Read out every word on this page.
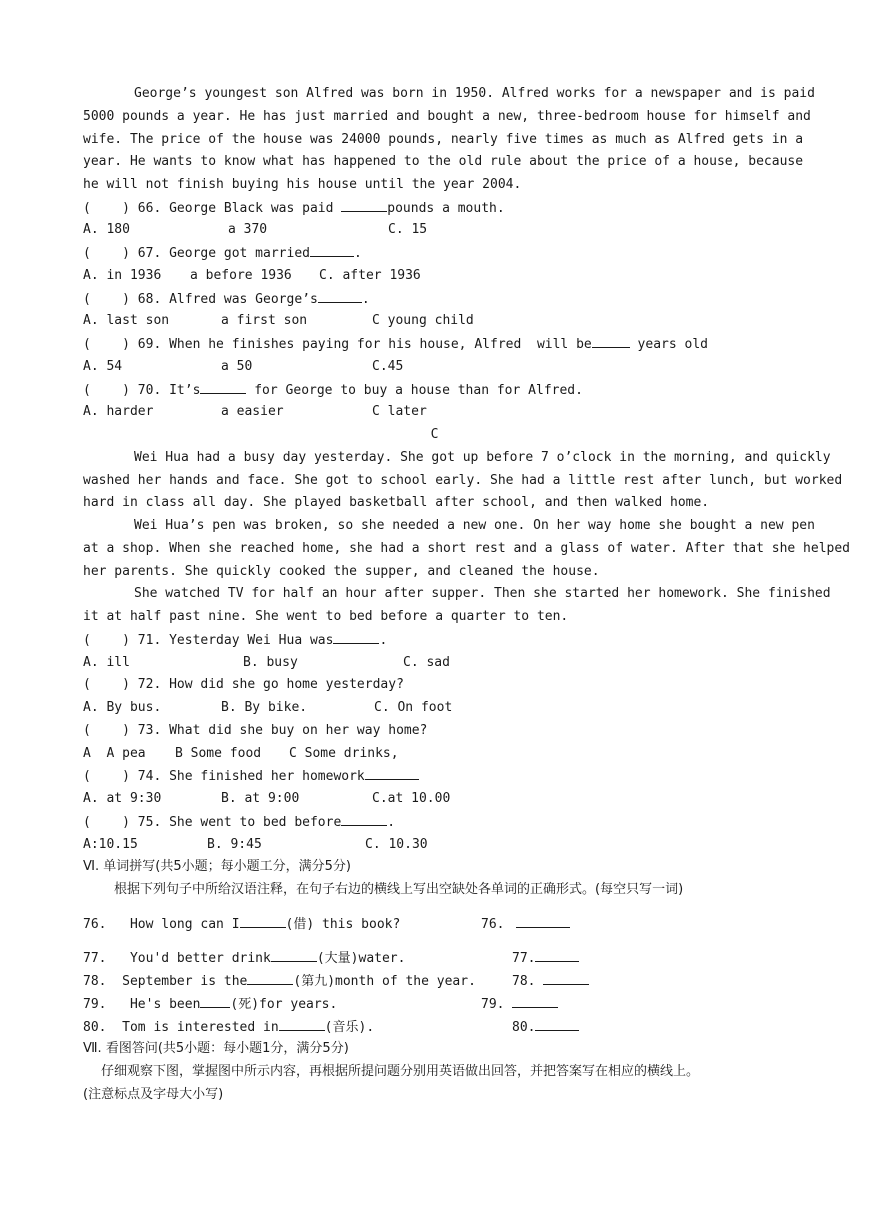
George’s youngest son Alfred was born in 1950. Alfred works for a newspaper and is paid
5000 pounds a year. He has just married and bought a new, three-bedroom house for himself and
wife. The price of the house was 24000 pounds, nearly five times as much as Alfred gets in a
year. He wants to know what has happened to the old rule about the price of a house, because
he will not finish buying his house until the year 2004.
(    ) 66. George Black was paid	pounds a mouth.
A. 180	a 370	C. 15
(    ) 67. George got married	.
A. in 1936 a before 1936 C. after 1936
(    ) 68. Alfred was George’s	.
A. last son	a first son	C young child
(    ) 69. When he finishes paying for his house, Alfred  will be	years old
A. 54	a 50	C.45
(    ) 70. It’s	for George to buy a house than for Alfred.
A. harder	a easier	C later
C
Wei Hua had a busy day yesterday. She got up before 7 o’clock in the morning, and quickly
washed her hands and face. She got to school early. She had a little rest after lunch, but worked
hard in class all day. She played basketball after school, and then walked home.
Wei Hua’s pen was broken, so she needed a new one. On her way home she bought a new pen
at a shop. When she reached home, she had a short rest and a glass of water. After that she helped
her parents. She quickly cooked the supper, and cleaned the house.
She watched TV for half an hour after supper. Then she started her homework. She finished
it at half past nine. She went to bed before a quarter to ten.
(    ) 71. Yesterday Wei Hua was	.
A. ill	B. busy	C. sad
(    ) 72. How did she go home yesterday?
A. By bus.	B. By bike.	C. On foot
(    ) 73. What did she buy on her way home?
A  A pea B Some food C Some drinks,
(    ) 74. She finished her homework
A. at 9:30	B. at 9:00	C.at 10.00
(    ) 75. She went to bed before	.
A:10.15	B. 9:45	C. 10.30
Ⅵ. 单词拼写(共5小题；每小题工分，满分5分)
根据下列句子中所给汉语注释，在句子右边的横线上写出空缺处各单词的正确形式。(每空只写一词)
76.   How long can I	(借) this book?	76.
77.   You'd better drink	(大量)water.	77.
78.  September is the	(第九)month of the year.	78.
79.   He's been (死)for years.	79.
80.  Tom is interested in	(音乐).	80.
Ⅶ. 看图答问(共5小题：每小题1分，满分5分)
仔细观察下图，掌握图中所示内容，再根据所提问题分别用英语做出回答，并把答案写在相应的横线上。
(注意标点及字母大小写)
